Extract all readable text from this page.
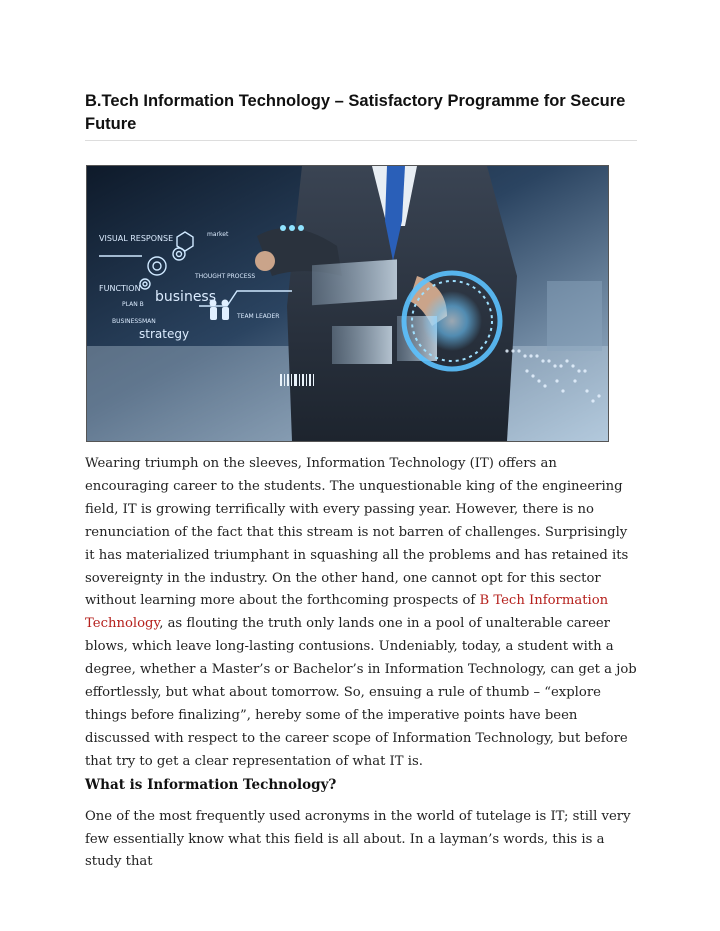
B.Tech Information Technology – Satisfactory Programme for Secure Future
VISUAL RESPONSE
FUNCTION
business
strategy
THOUGHT PROCESS
TEAM LEADER
market
PLAN B
BUSINESSMAN

Wearing triumph on the sleeves, Information Technology (IT) offers an encouraging career to the students. The unquestionable king of the engineering field, IT is growing terrifically with every passing year. However, there is no renunciation of the fact that this stream is not barren of challenges. Surprisingly it has materialized triumphant in squashing all the problems and has retained its sovereignty in the industry. On the other hand, one cannot opt for this sector without learning more about the forthcoming prospects of B Tech Information Technology, as flouting the truth only lands one in a pool of unalterable career blows, which leave long-lasting contusions. Undeniably, today, a student with a degree, whether a Master’s or Bachelor’s in Information Technology, can get a job effortlessly, but what about tomorrow. So, ensuing a rule of thumb – “explore things before finalizing”, hereby some of the imperative points have been discussed with respect to the career scope of Information Technology, but before that try to get a clear representation of what IT is.

What is Information Technology?

One of the most frequently used acronyms in the world of tutelage is IT; still very few essentially know what this field is all about. In a layman’s words, this is a study that
